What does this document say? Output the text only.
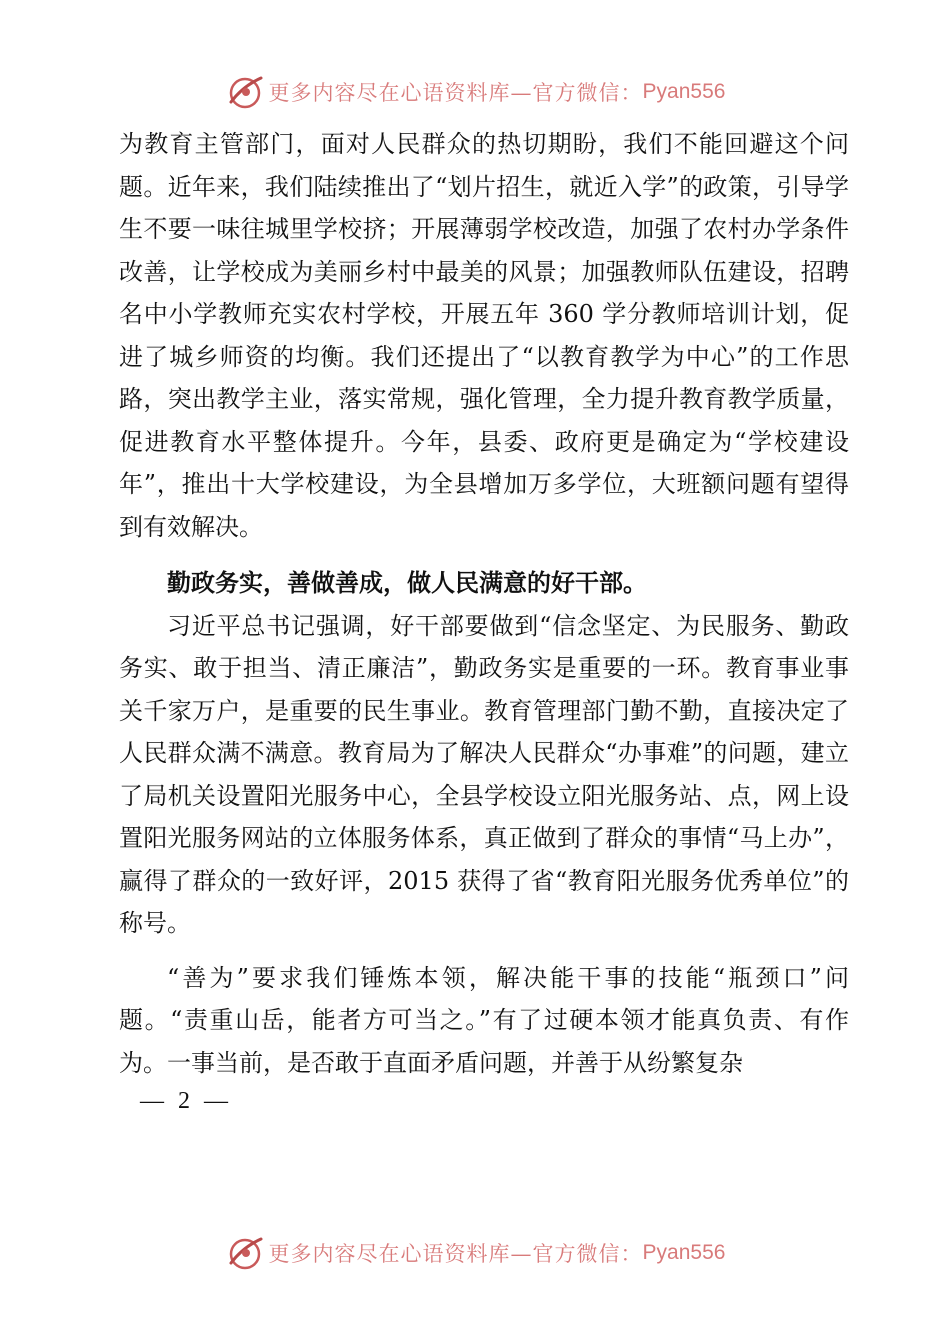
更多内容尽在心语资料库—官方微信： Pyan556

为教育主管部门，面对人民群众的热切期盼，我们不能回避这个问题。近年来，我们陆续推出了“划片招生，就近入学”的政策，引导学生不要一味往城里学校挤；开展薄弱学校改造，加强了农村办学条件改善，让学校成为美丽乡村中最美的风景；加强教师队伍建设，招聘 名中小学教师充实农村学校，开展五年 360 学分教师培训计划，促进了城乡师资的均衡。我们还提出了“以教育教学为中心”的工作思路，突出教学主业，落实常规，强化管理，全力提升教育教学质量，促进教育水平整体提升。今年，县委、政府更是确定为“学校建设年”，推出十大学校建设，为全县增加万多学位，大班额问题有望得到有效解决。

勤政务实，善做善成，做人民满意的好干部。

习近平总书记强调，好干部要做到“信念坚定、为民服务、勤政务实、敢于担当、清正廉洁”，勤政务实是重要的一环。教育事业事关千家万户，是重要的民生事业。教育管理部门勤不勤，直接决定了人民群众满不满意。教育局为了解决人民群众“办事难”的问题，建立了局机关设置阳光服务中心，全县学校设立阳光服务站、点，网上设置阳光服务网站的立体服务体系，真正做到了群众的事情“马上办”，赢得了群众的一致好评，2015 获得了省“教育阳光服务优秀单位”的称号。

“善为”要求我们锤炼本领，解决能干事的技能“瓶颈口”问题。“责重山岳，能者方可当之。”有了过硬本领才能真负责、有作为。一事当前，是否敢于直面矛盾问题，并善于从纷繁复杂

— 2 —
更多内容尽在心语资料库—官方微信： Pyan556
